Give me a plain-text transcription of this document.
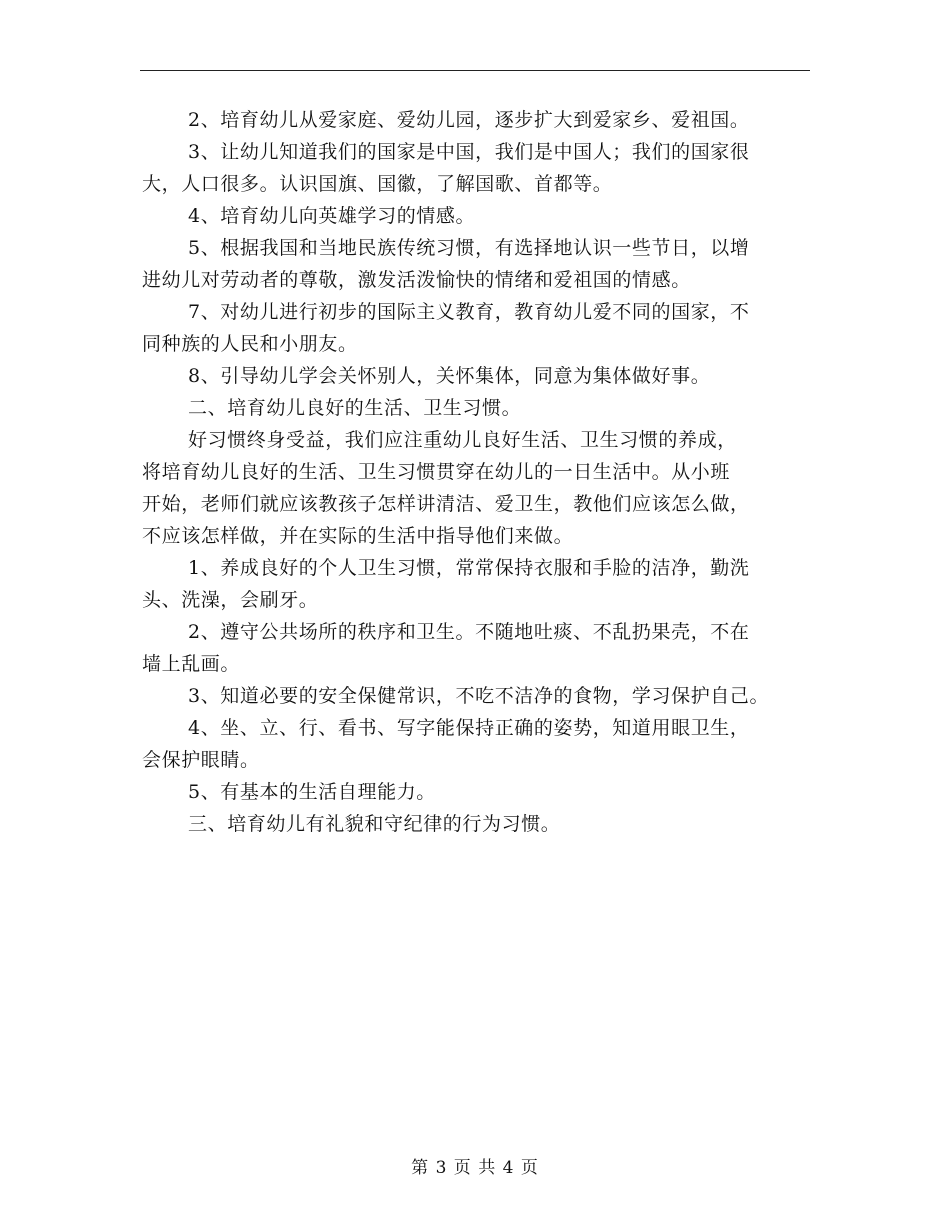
2、培育幼儿从爱家庭、爱幼儿园，逐步扩大到爱家乡、爱祖国。
3、让幼儿知道我们的国家是中国，我们是中国人；我们的国家很
大，人口很多。认识国旗、国徽，了解国歌、首都等。
4、培育幼儿向英雄学习的情感。
5、根据我国和当地民族传统习惯，有选择地认识一些节日，以增
进幼儿对劳动者的尊敬，激发活泼愉快的情绪和爱祖国的情感。
7、对幼儿进行初步的国际主义教育，教育幼儿爱不同的国家，不
同种族的人民和小朋友。
8、引导幼儿学会关怀别人，关怀集体，同意为集体做好事。
二、培育幼儿良好的生活、卫生习惯。
好习惯终身受益，我们应注重幼儿良好生活、卫生习惯的养成，
将培育幼儿良好的生活、卫生习惯贯穿在幼儿的一日生活中。从小班
开始，老师们就应该教孩子怎样讲清洁、爱卫生，教他们应该怎么做，
不应该怎样做，并在实际的生活中指导他们来做。
1、养成良好的个人卫生习惯，常常保持衣服和手脸的洁净，勤洗
头、洗澡，会刷牙。
2、遵守公共场所的秩序和卫生。不随地吐痰、不乱扔果壳，不在
墙上乱画。
3、知道必要的安全保健常识，不吃不洁净的食物，学习保护自己。
4、坐、立、行、看书、写字能保持正确的姿势，知道用眼卫生，
会保护眼睛。
5、有基本的生活自理能力。
三、培育幼儿有礼貌和守纪律的行为习惯。
第 3 页 共 4 页
